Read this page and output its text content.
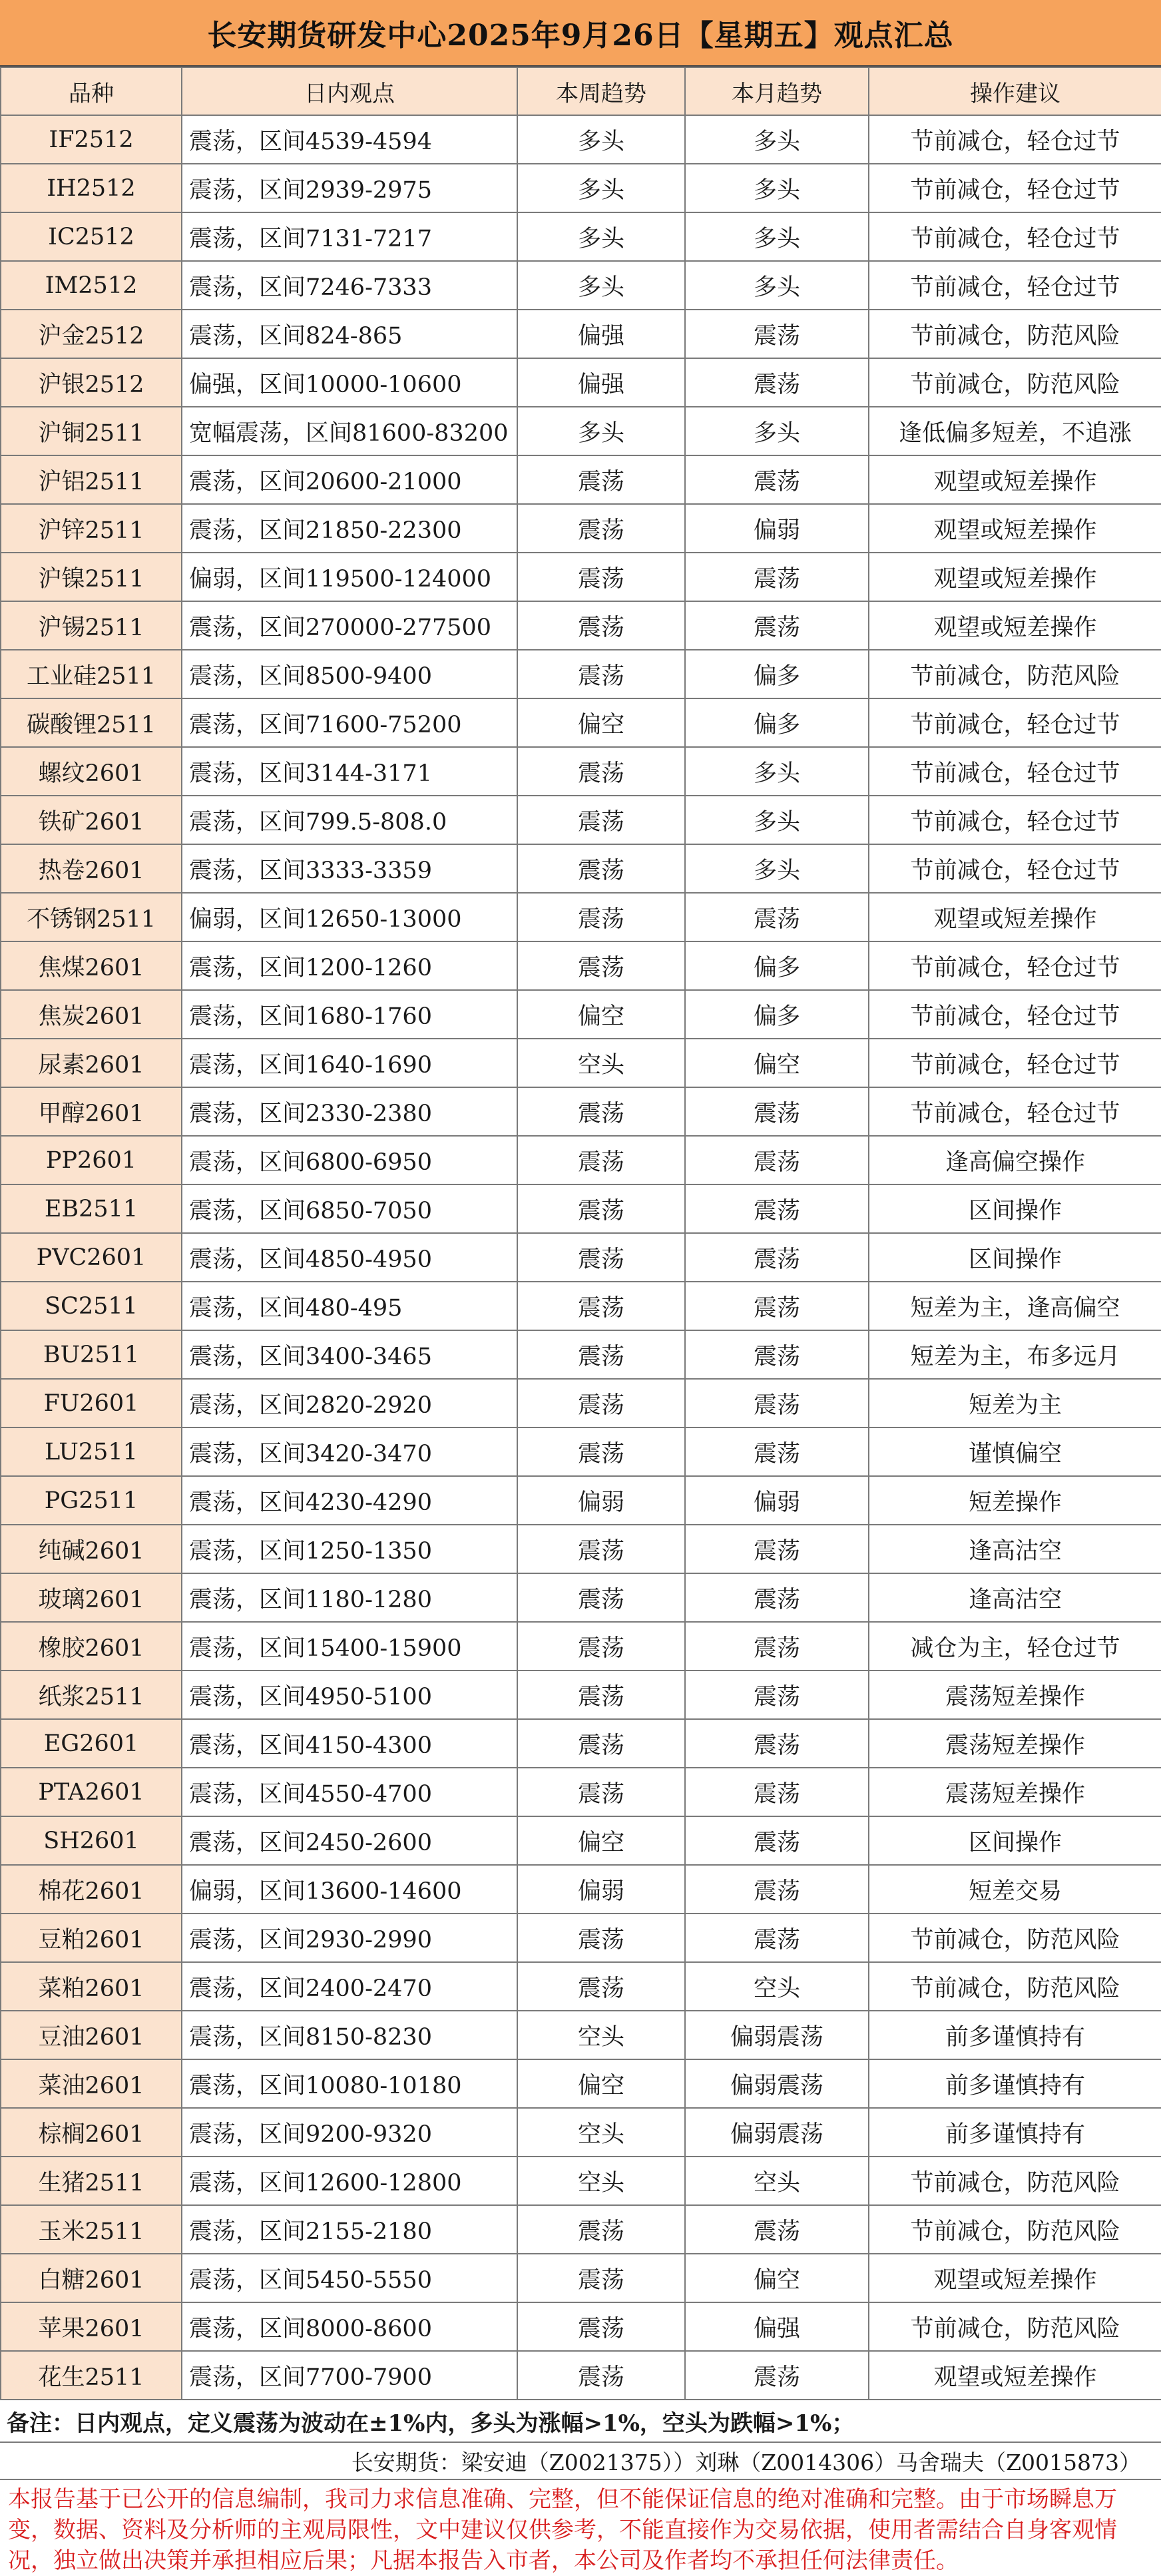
长安期货研发中心2025年9月26日【星期五】观点汇总
品种	日内观点	本周趋势	本月趋势	操作建议
IF2512	震荡，区间4539-4594	多头	多头	节前减仓，轻仓过节
IH2512	震荡，区间2939-2975	多头	多头	节前减仓，轻仓过节
IC2512	震荡，区间7131-7217	多头	多头	节前减仓，轻仓过节
IM2512	震荡，区间7246-7333	多头	多头	节前减仓，轻仓过节
沪金2512	震荡，区间824-865	偏强	震荡	节前减仓，防范风险
沪银2512	偏强，区间10000-10600	偏强	震荡	节前减仓，防范风险
沪铜2511	宽幅震荡，区间81600-83200	多头	多头	逢低偏多短差，不追涨
沪铝2511	震荡，区间20600-21000	震荡	震荡	观望或短差操作
沪锌2511	震荡，区间21850-22300	震荡	偏弱	观望或短差操作
沪镍2511	偏弱，区间119500-124000	震荡	震荡	观望或短差操作
沪锡2511	震荡，区间270000-277500	震荡	震荡	观望或短差操作
工业硅2511	震荡，区间8500-9400	震荡	偏多	节前减仓，防范风险
碳酸锂2511	震荡，区间71600-75200	偏空	偏多	节前减仓，轻仓过节
螺纹2601	震荡，区间3144-3171	震荡	多头	节前减仓，轻仓过节
铁矿2601	震荡，区间799.5-808.0	震荡	多头	节前减仓，轻仓过节
热卷2601	震荡，区间3333-3359	震荡	多头	节前减仓，轻仓过节
不锈钢2511	偏弱，区间12650-13000	震荡	震荡	观望或短差操作
焦煤2601	震荡，区间1200-1260	震荡	偏多	节前减仓，轻仓过节
焦炭2601	震荡，区间1680-1760	偏空	偏多	节前减仓，轻仓过节
尿素2601	震荡，区间1640-1690	空头	偏空	节前减仓，轻仓过节
甲醇2601	震荡，区间2330-2380	震荡	震荡	节前减仓，轻仓过节
PP2601	震荡，区间6800-6950	震荡	震荡	逢高偏空操作
EB2511	震荡，区间6850-7050	震荡	震荡	区间操作
PVC2601	震荡，区间4850-4950	震荡	震荡	区间操作
SC2511	震荡，区间480-495	震荡	震荡	短差为主，逢高偏空
BU2511	震荡，区间3400-3465	震荡	震荡	短差为主，布多远月
FU2601	震荡，区间2820-2920	震荡	震荡	短差为主
LU2511	震荡，区间3420-3470	震荡	震荡	谨慎偏空
PG2511	震荡，区间4230-4290	偏弱	偏弱	短差操作
纯碱2601	震荡，区间1250-1350	震荡	震荡	逢高沽空
玻璃2601	震荡，区间1180-1280	震荡	震荡	逢高沽空
橡胶2601	震荡，区间15400-15900	震荡	震荡	减仓为主，轻仓过节
纸浆2511	震荡，区间4950-5100	震荡	震荡	震荡短差操作
EG2601	震荡，区间4150-4300	震荡	震荡	震荡短差操作
PTA2601	震荡，区间4550-4700	震荡	震荡	震荡短差操作
SH2601	震荡，区间2450-2600	偏空	震荡	区间操作
棉花2601	偏弱，区间13600-14600	偏弱	震荡	短差交易
豆粕2601	震荡，区间2930-2990	震荡	震荡	节前减仓，防范风险
菜粕2601	震荡，区间2400-2470	震荡	空头	节前减仓，防范风险
豆油2601	震荡，区间8150-8230	空头	偏弱震荡	前多谨慎持有
菜油2601	震荡，区间10080-10180	偏空	偏弱震荡	前多谨慎持有
棕榈2601	震荡，区间9200-9320	空头	偏弱震荡	前多谨慎持有
生猪2511	震荡，区间12600-12800	空头	空头	节前减仓，防范风险
玉米2511	震荡，区间2155-2180	震荡	震荡	节前减仓，防范风险
白糖2601	震荡，区间5450-5550	震荡	偏空	观望或短差操作
苹果2601	震荡，区间8000-8600	震荡	偏强	节前减仓，防范风险
花生2511	震荡，区间7700-7900	震荡	震荡	观望或短差操作
备注：日内观点，定义震荡为波动在±1%内，多头为涨幅>1%，空头为跌幅>1%；
长安期货：梁安迪（Z0021375））刘琳（Z0014306）马舍瑞夫（Z0015873）
本报告基于已公开的信息编制，我司力求信息准确、完整，但不能保证信息的绝对准确和完整。由于市场瞬息万变，数据、资料及分析师的主观局限性，文中建议仅供参考，不能直接作为交易依据，使用者需结合自身客观情况，独立做出决策并承担相应后果；凡据本报告入市者，本公司及作者均不承担任何法律责任。
